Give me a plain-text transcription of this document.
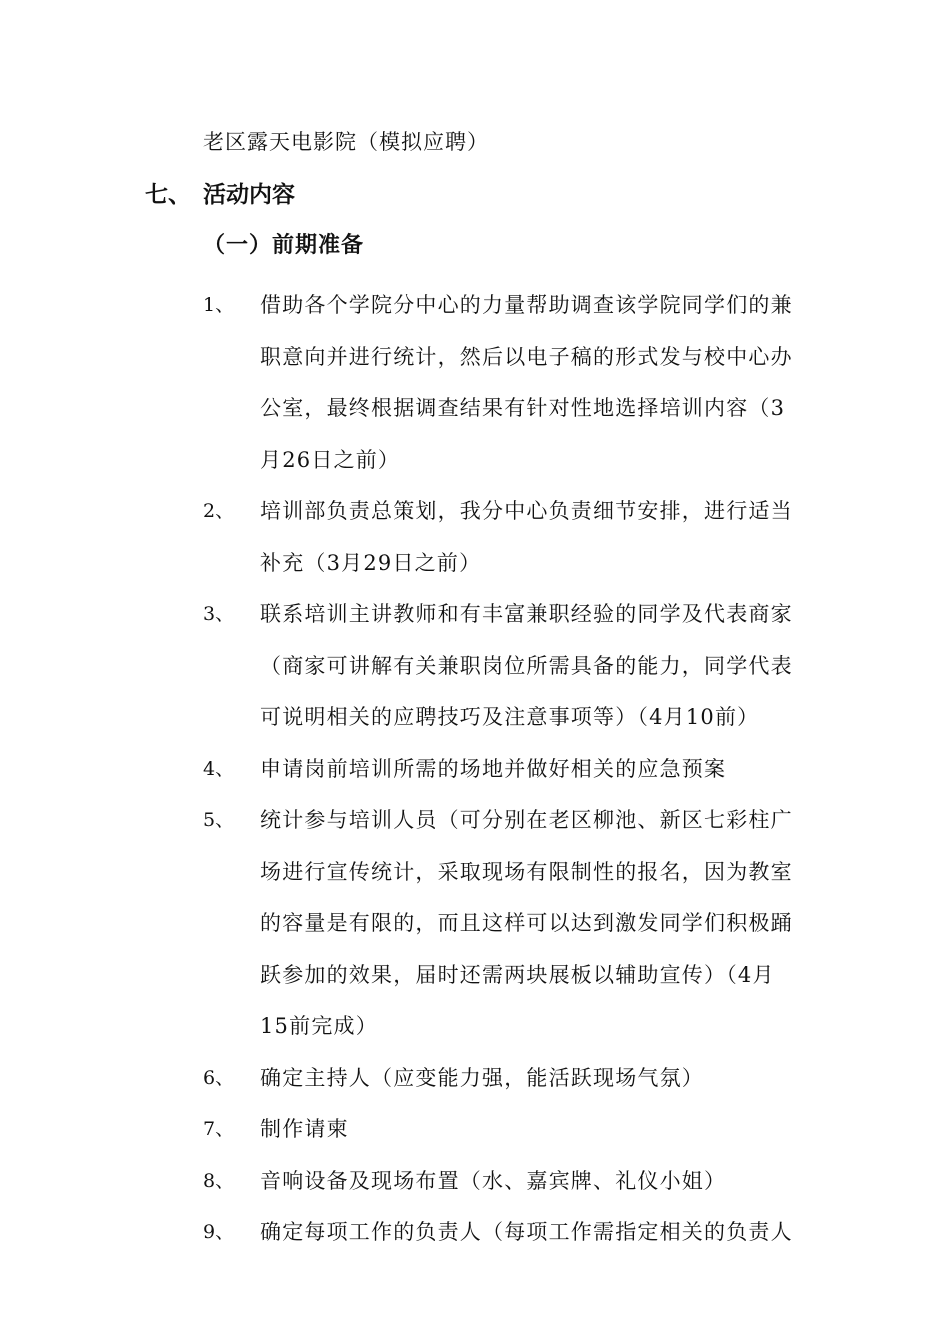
老区露天电影院（模拟应聘）
七、 活动内容
（一）前期准备
1、	借助各个学院分中心的力量帮助调查该学院同学们的兼
职意向并进行统计，然后以电子稿的形式发与校中心办
公室，最终根据调查结果有针对性地选择培训内容（3
月26日之前）
2、	培训部负责总策划，我分中心负责细节安排，进行适当
补充（3月29日之前）
3、	联系培训主讲教师和有丰富兼职经验的同学及代表商家
（商家可讲解有关兼职岗位所需具备的能力，同学代表
可说明相关的应聘技巧及注意事项等）（4月10前）
4、	申请岗前培训所需的场地并做好相关的应急预案
5、	统计参与培训人员（可分别在老区柳池、新区七彩柱广
场进行宣传统计，采取现场有限制性的报名，因为教室
的容量是有限的，而且这样可以达到激发同学们积极踊
跃参加的效果，届时还需两块展板以辅助宣传）（4月
15前完成）
6、	确定主持人（应变能力强，能活跃现场气氛）
7、	制作请柬
8、	音响设备及现场布置（水、嘉宾牌、礼仪小姐）
9、	确定每项工作的负责人（每项工作需指定相关的负责人
